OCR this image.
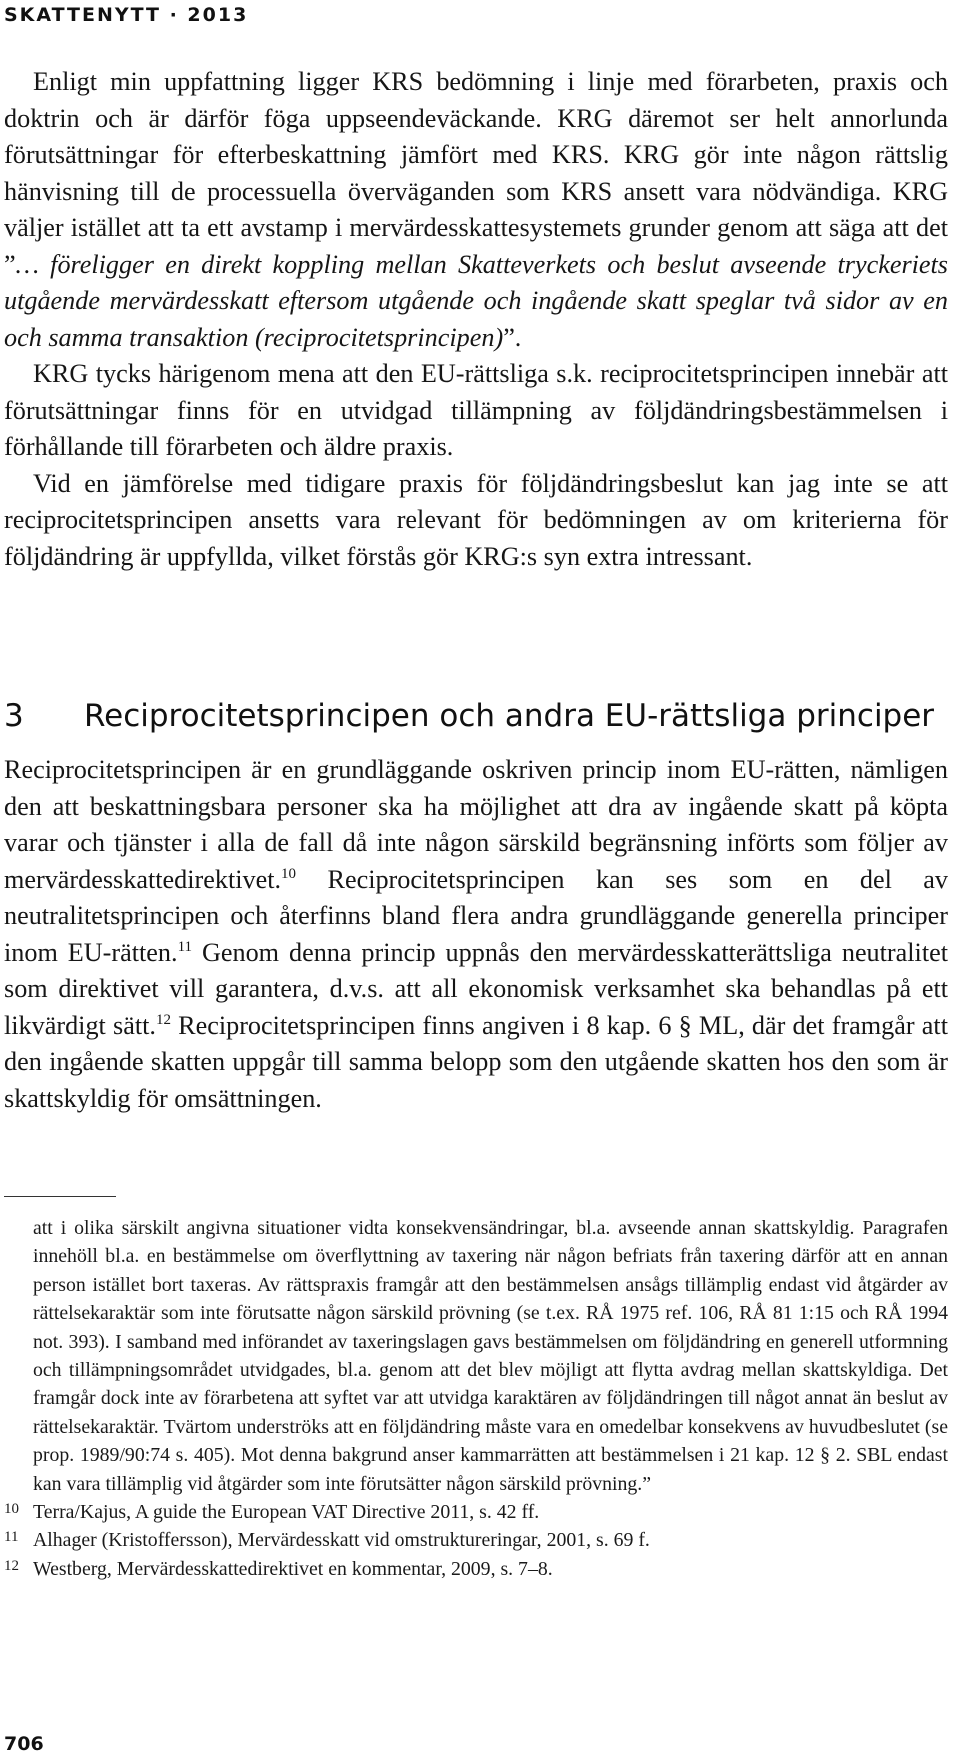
SKATTENYTT · 2013

Enligt min uppfattning ligger KRS bedömning i linje med förarbeten, praxis och doktrin och är därför föga uppseendeväckande. KRG däremot ser helt annorlunda förutsättningar för efterbeskattning jämfört med KRS. KRG gör inte någon rättslig hänvisning till de processuella överväganden som KRS ansett vara nödvändiga. KRG väljer istället att ta ett avstamp i mervärdesskattesystemets grunder genom att säga att det ”… föreligger en direkt koppling mellan Skatteverkets och beslut avseende tryckeriets utgående mervärdesskatt eftersom utgående och ingående skatt speglar två sidor av en och samma transaktion (reciprocitetsprincipen)”.

KRG tycks härigenom mena att den EU-rättsliga s.k. reciprocitetsprincipen innebär att förutsättningar finns för en utvidgad tillämpning av följdändringsbestämmelsen i förhållande till förarbeten och äldre praxis.

Vid en jämförelse med tidigare praxis för följdändringsbeslut kan jag inte se att reciprocitetsprincipen ansetts vara relevant för bedömningen av om kriterierna för följdändring är uppfyllda, vilket förstås gör KRG:s syn extra intressant.

3	Reciprocitetsprincipen och andra EU-rättsliga principer

Reciprocitetsprincipen är en grundläggande oskriven princip inom EU-rätten, nämligen den att beskattningsbara personer ska ha möjlighet att dra av ingående skatt på köpta varar och tjänster i alla de fall då inte någon särskild begränsning införts som följer av mervärdesskattedirektivet.$^{10}$ Reciprocitetsprincipen kan ses som en del av neutralitetsprincipen och återfinns bland flera andra grundläggande generella principer inom EU-rätten.$^{11}$ Genom denna princip uppnås den mervärdesskatterättsliga neutralitet som direktivet vill garantera, d.v.s. att all ekonomisk verksamhet ska behandlas på ett likvärdigt sätt.$^{12}$ Reciprocitetsprincipen finns angiven i 8 kap. 6 § ML, där det framgår att den ingående skatten uppgår till samma belopp som den utgående skatten hos den som är skattskyldig för omsättningen.

att i olika särskilt angivna situationer vidta konsekvensändringar, bl.a. avseende annan skattskyldig. Paragrafen innehöll bl.a. en bestämmelse om överflyttning av taxering när någon befriats från taxering därför att en annan person istället bort taxeras. Av rättspraxis framgår att den bestämmelsen ansågs tillämplig endast vid åtgärder av rättelsekaraktär som inte förutsatte någon särskild prövning (se t.ex. RÅ 1975 ref. 106, RÅ 81 1:15 och RÅ 1994 not. 393). I samband med införandet av taxeringslagen gavs bestämmelsen om följdändring en generell utformning och tillämpningsområdet utvidgades, bl.a. genom att det blev möjligt att flytta avdrag mellan skattskyldiga. Det framgår dock inte av förarbetena att syftet var att utvidga karaktären av följdändringen till något annat än beslut av rättelsekaraktär. Tvärtom underströks att en följdändring måste vara en omedelbar konsekvens av huvudbeslutet (se prop. 1989/90:74 s. 405). Mot denna bakgrund anser kammarrätten att bestämmelsen i 21 kap. 12 § 2. SBL endast kan vara tillämplig vid åtgärder som inte förutsätter någon särskild prövning.”

10 Terra/Kajus, A guide the European VAT Directive 2011, s. 42 ff.

11 Alhager (Kristoffersson), Mervärdesskatt vid omstruktureringar, 2001, s. 69 f.

12 Westberg, Mervärdesskattedirektivet en kommentar, 2009, s. 7–8.

706
